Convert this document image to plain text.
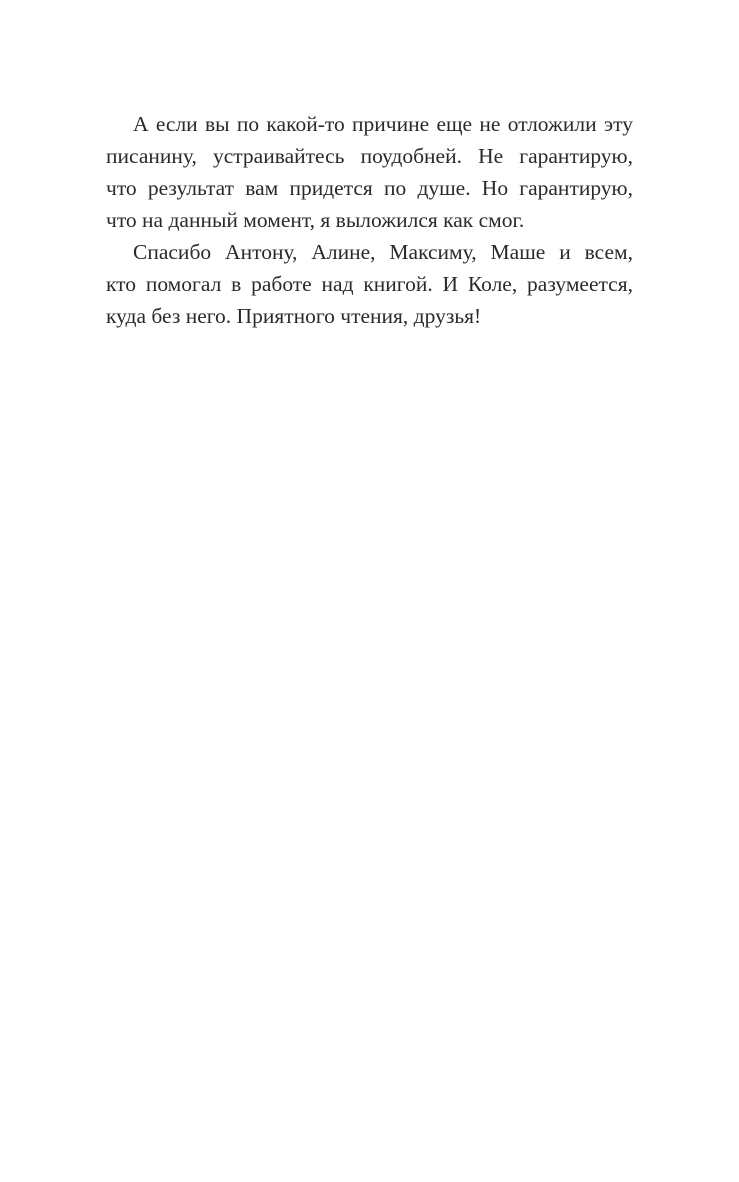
А если вы по какой-то причине еще не отложили эту
писанину, устраивайтесь поудобней. Не гарантирую,
что результат вам придется по душе. Но гарантирую,
что на данный момент, я выложился как смог.
Спасибо Антону, Алине, Максиму, Маше и всем,
кто помогал в работе над книгой. И Коле, разумеется,
куда без него. Приятного чтения, друзья!
